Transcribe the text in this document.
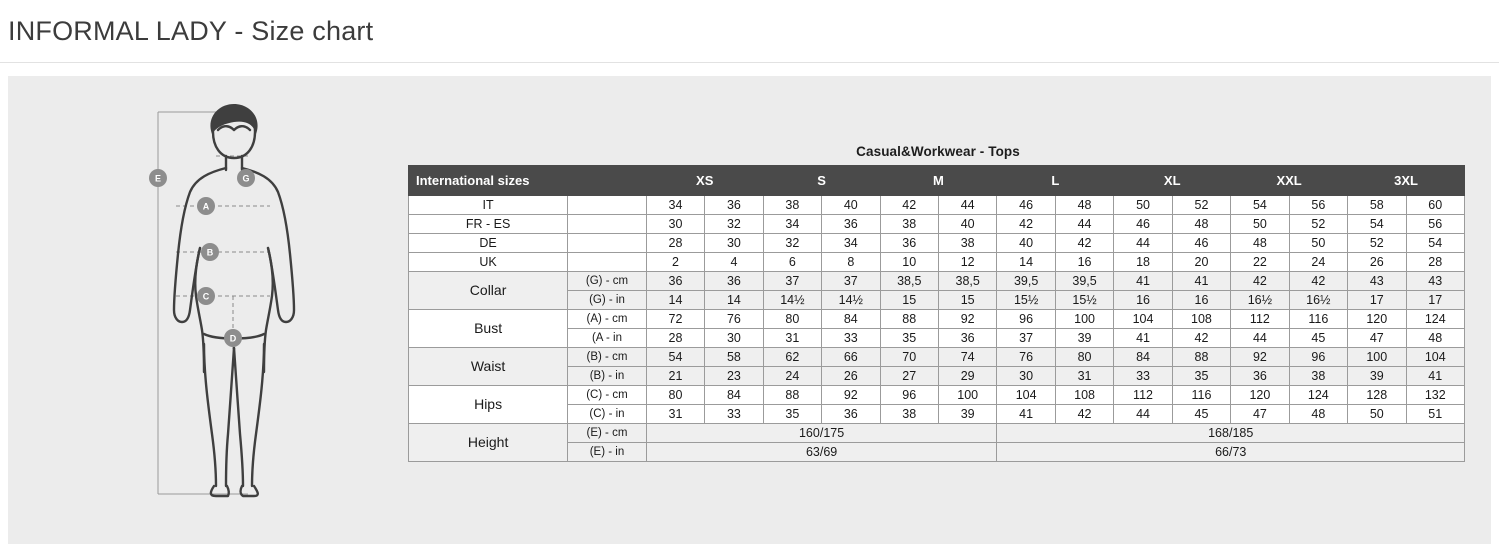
INFORMAL LADY - Size chart
E	G
A
B
C
D
Casual&Workwear - Tops
International sizes		XS		S		M		L		XL		XXL		3XL	
IT		34	36	38	40	42	44	46	48	50	52	54	56	58	60
FR - ES		30	32	34	36	38	40	42	44	46	48	50	52	54	56
DE		28	30	32	34	36	38	40	42	44	46	48	50	52	54
UK		2	4	6	8	10	12	14	16	18	20	22	24	26	28
Collar	(G) - cm	36	36	37	37	38,5	38,5	39,5	39,5	41	41	42	42	43	43
	(G) - in	14	14	14½	14½	15	15	15½	15½	16	16	16½	16½	17	17
Bust	(A) - cm	72	76	80	84	88	92	96	100	104	108	112	116	120	124
	(A - in	28	30	31	33	35	36	37	39	41	42	44	45	47	48
Waist	(B) - cm	54	58	62	66	70	74	76	80	84	88	92	96	100	104
	(B) - in	21	23	24	26	27	29	30	31	33	35	36	38	39	41
Hips	(C) - cm	80	84	88	92	96	100	104	108	112	116	120	124	128	132
	(C) - in	31	33	35	36	38	39	41	42	44	45	47	48	50	51
Height	(E) - cm	160/175						168/185							
	(E) - in	63/69						66/73							
